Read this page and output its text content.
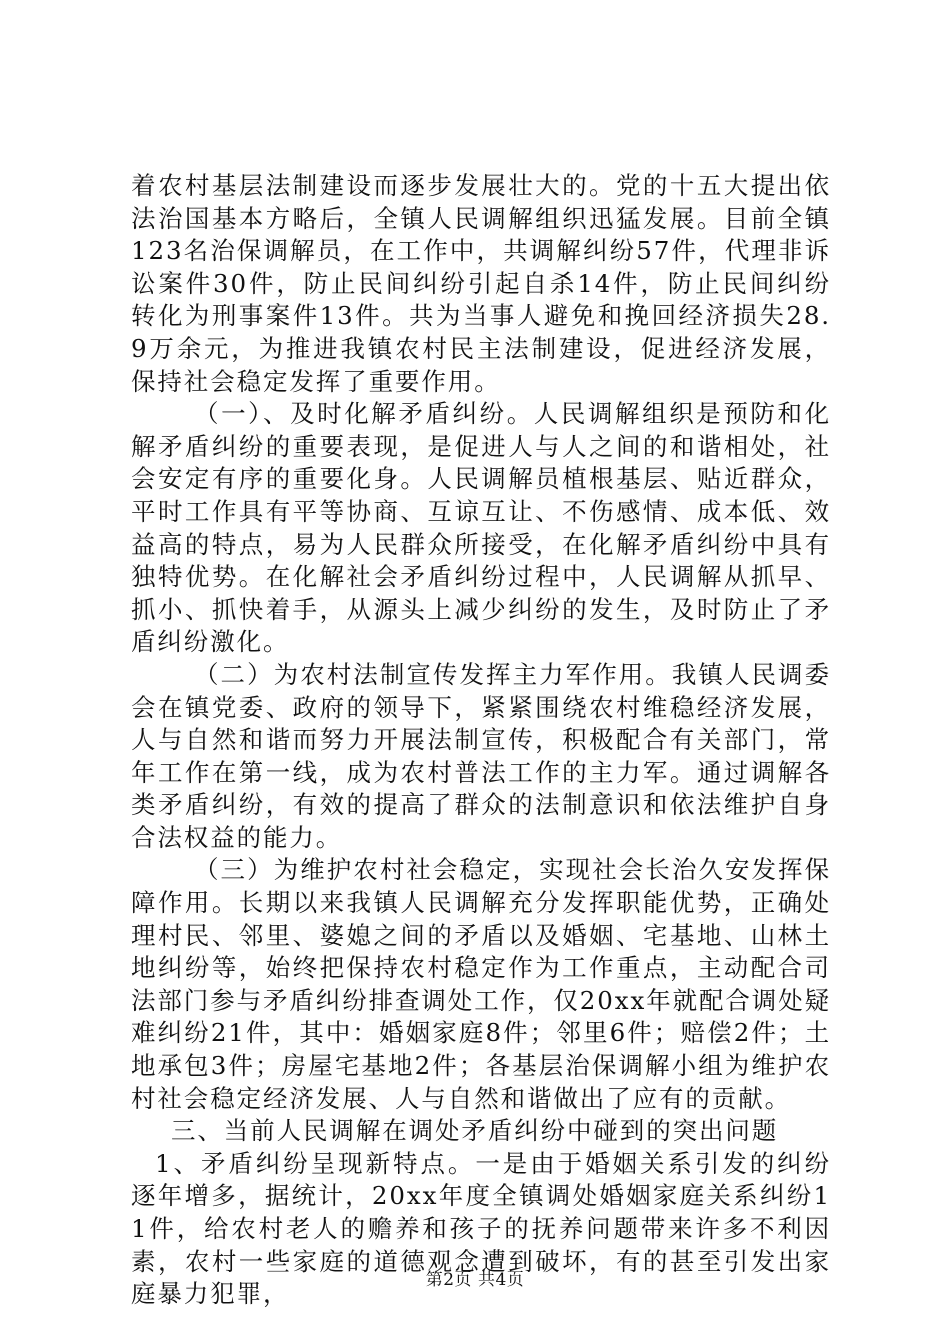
着农村基层法制建设而逐步发展壮大的。党的十五大提出依法治国基本方略后，全镇人民调解组织迅猛发展。目前全镇123名治保调解员，在工作中，共调解纠纷57件，代理非诉讼案件30件，防止民间纠纷引起自杀14件，防止民间纠纷转化为刑事案件13件。共为当事人避免和挽回经济损失28.9万余元，为推进我镇农村民主法制建设，促进经济发展，保持社会稳定发挥了重要作用。

（一）、及时化解矛盾纠纷。人民调解组织是预防和化解矛盾纠纷的重要表现，是促进人与人之间的和谐相处，社会安定有序的重要化身。人民调解员植根基层、贴近群众，平时工作具有平等协商、互谅互让、不伤感情、成本低、效益高的特点，易为人民群众所接受，在化解矛盾纠纷中具有独特优势。在化解社会矛盾纠纷过程中，人民调解从抓早、抓小、抓快着手，从源头上减少纠纷的发生，及时防止了矛盾纠纷激化。

（二）为农村法制宣传发挥主力军作用。我镇人民调委会在镇党委、政府的领导下，紧紧围绕农村维稳经济发展，人与自然和谐而努力开展法制宣传，积极配合有关部门，常年工作在第一线，成为农村普法工作的主力军。通过调解各类矛盾纠纷，有效的提高了群众的法制意识和依法维护自身合法权益的能力。

（三）为维护农村社会稳定，实现社会长治久安发挥保障作用。长期以来我镇人民调解充分发挥职能优势，正确处理村民、邻里、婆媳之间的矛盾以及婚姻、宅基地、山林土地纠纷等，始终把保持农村稳定作为工作重点，主动配合司法部门参与矛盾纠纷排查调处工作，仅20xx年就配合调处疑难纠纷21件，其中：婚姻家庭8件；邻里6件；赔偿2件；土地承包3件；房屋宅基地2件；各基层治保调解小组为维护农村社会稳定经济发展、人与自然和谐做出了应有的贡献。

三、当前人民调解在调处矛盾纠纷中碰到的突出问题

1、矛盾纠纷呈现新特点。一是由于婚姻关系引发的纠纷逐年增多，据统计，20xx年度全镇调处婚姻家庭关系纠纷11件，给农村老人的赡养和孩子的抚养问题带来许多不利因素，农村一些家庭的道德观念遭到破坏，有的甚至引发出家庭暴力犯罪，	第2页 共4页
